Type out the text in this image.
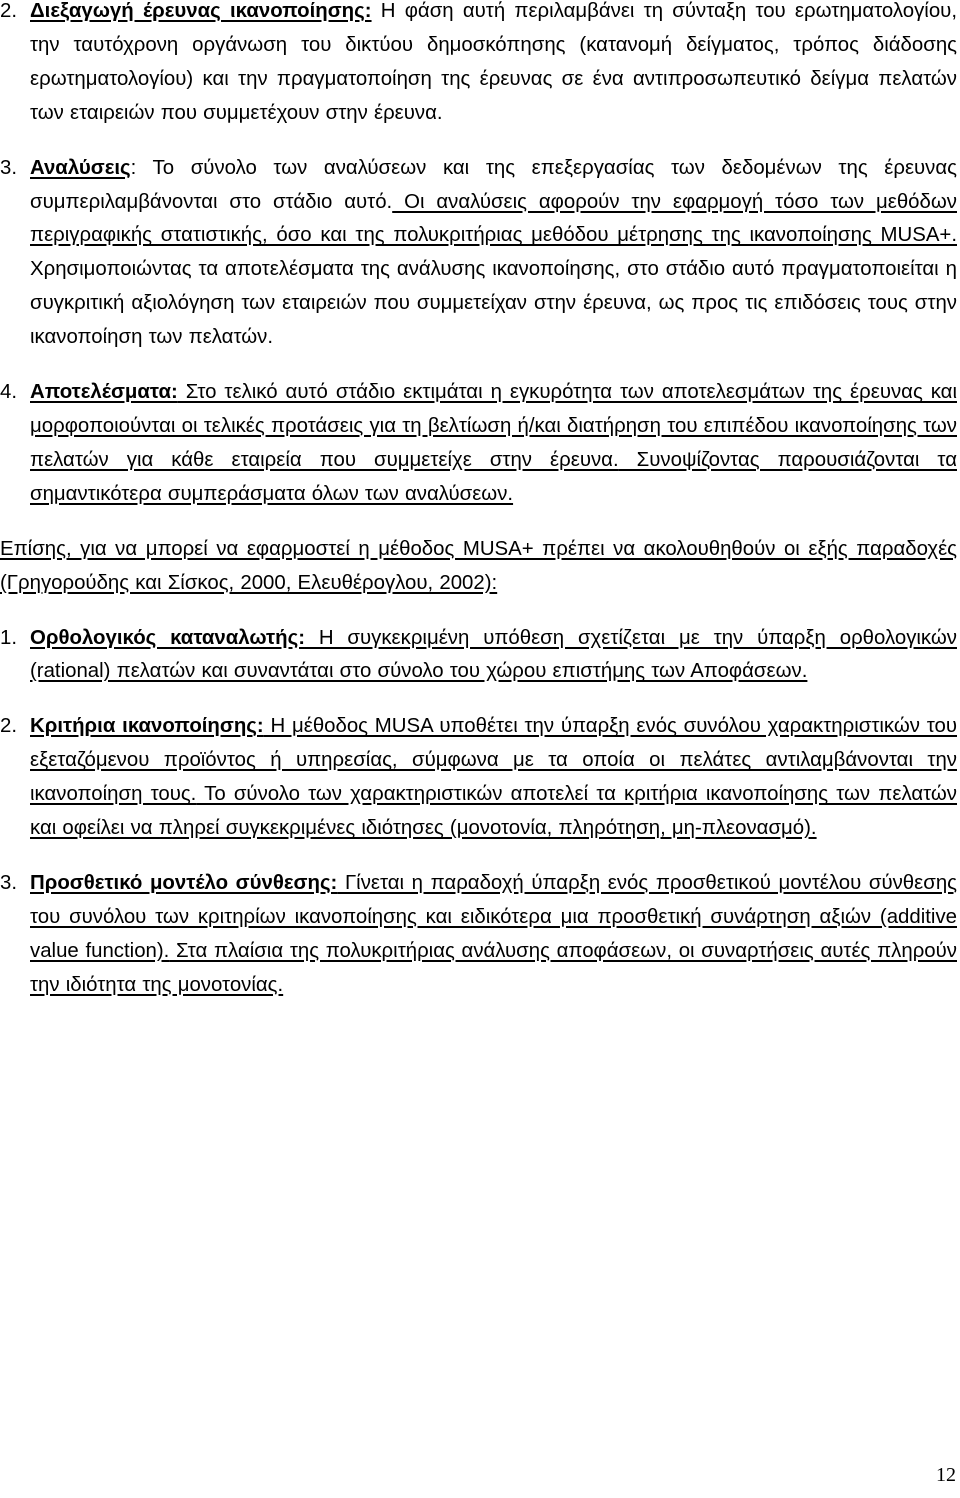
2. Διεξαγωγή έρευνας ικανοποίησης: Η φάση αυτή περιλαμβάνει τη σύνταξη του ερωτηματολογίου, την ταυτόχρονη οργάνωση του δικτύου δημοσκόπησης (κατανομή δείγματος, τρόπος διάδοσης ερωτηματολογίου) και την πραγματοποίηση της έρευνας σε ένα αντιπροσωπευτικό δείγμα πελατών των εταιρειών που συμμετέχουν στην έρευνα.

3. Αναλύσεις: Το σύνολο των αναλύσεων και της επεξεργασίας των δεδομένων της έρευνας συμπεριλαμβάνονται στο στάδιο αυτό. Οι αναλύσεις αφορούν την εφαρμογή τόσο των μεθόδων περιγραφικής στατιστικής, όσο και της πολυκριτήριας μεθόδου μέτρησης της ικανοποίησης MUSA+. Χρησιμοποιώντας τα αποτελέσματα της ανάλυσης ικανοποίησης, στο στάδιο αυτό πραγματοποιείται η συγκριτική αξιολόγηση των εταιρειών που συμμετείχαν στην έρευνα, ως προς τις επιδόσεις τους στην ικανοποίηση των πελατών.

4. Αποτελέσματα: Στο τελικό αυτό στάδιο εκτιμάται η εγκυρότητα των αποτελεσμάτων της έρευνας και μορφοποιούνται οι τελικές προτάσεις για τη βελτίωση ή/και διατήρηση του επιπέδου ικανοποίησης των πελατών για κάθε εταιρεία που συμμετείχε στην έρευνα. Συνοψίζοντας παρουσιάζονται τα σημαντικότερα συμπεράσματα όλων των αναλύσεων.

Επίσης, για να μπορεί να εφαρμοστεί η μέθοδος MUSA+ πρέπει να ακολουθηθούν οι εξής παραδοχές (Γρηγορούδης και Σίσκος, 2000, Ελευθέρογλου, 2002):

1. Ορθολογικός καταναλωτής: Η συγκεκριμένη υπόθεση σχετίζεται με την ύπαρξη ορθολογικών (rational) πελατών και συναντάται στο σύνολο του χώρου επιστήμης των Αποφάσεων.

2. Κριτήρια ικανοποίησης: Η μέθοδος MUSA υποθέτει την ύπαρξη ενός συνόλου χαρακτηριστικών του εξεταζόμενου προϊόντος ή υπηρεσίας, σύμφωνα με τα οποία οι πελάτες αντιλαμβάνονται την ικανοποίηση τους. Το σύνολο των χαρακτηριστικών αποτελεί τα κριτήρια ικανοποίησης των πελατών και οφείλει να πληρεί συγκεκριμένες ιδιότησες (μονοτονία, πληρότηση, μη-πλεονασμό).

3. Προσθετικό μοντέλο σύνθεσης: Γίνεται η παραδοχή ύπαρξη ενός προσθετικού μοντέλου σύνθεσης του συνόλου των κριτηρίων ικανοποίησης και ειδικότερα μια προσθετική συνάρτηση αξιών (additive value function). Στα πλαίσια της πολυκριτήριας ανάλυσης αποφάσεων, οι συναρτήσεις αυτές πληρούν την ιδιότητα της μονοτονίας.

12
